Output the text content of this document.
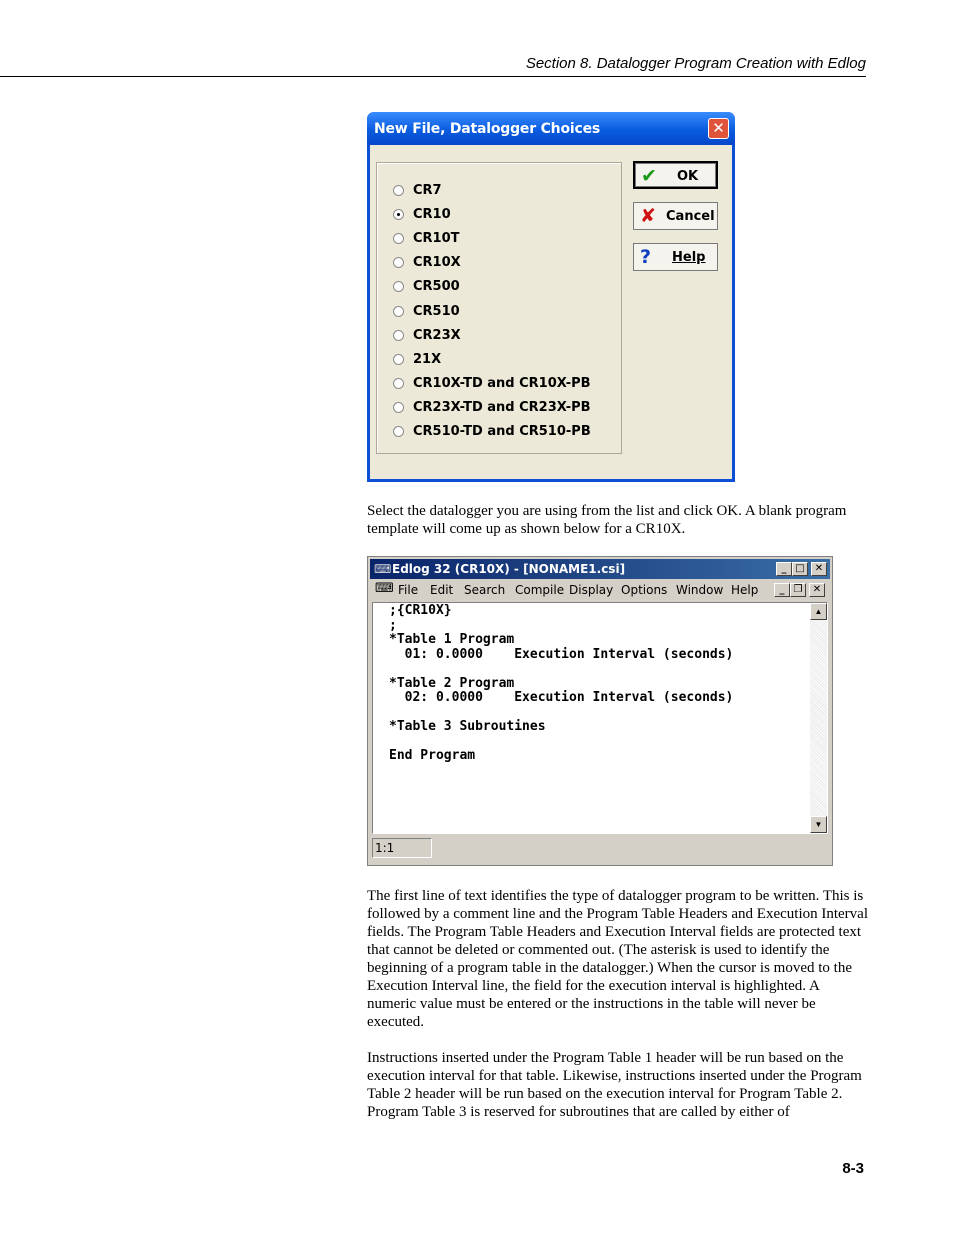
Section 8. Datalogger Program Creation with Edlog
New File, Datalogger Choices	✕
CR7
CR10
CR10T
CR10X
CR500
CR510
CR23X
21X
CR10X-TD and CR10X-PB
CR23X-TD and CR23X-PB
CR510-TD and CR510-PB
✔ OK
✘ Cancel
? Help

Select the datalogger you are using from the list and click OK. A blank program template will come up as shown below for a CR10X.

⌨ Edlog 32 (CR10X) - [NONAME1.csi]	_ □	✕
⌨ File Edit Search Compile Display Options Window Help	_ ❐	✕
;{CR10X}
;
*Table 1 Program
01: 0.0000    Execution Interval (seconds)

*Table 2 Program
02: 0.0000    Execution Interval (seconds)

*Table 3 Subroutines

End Program
▲
▼
1:1

The first line of text identifies the type of datalogger program to be written. This is followed by a comment line and the Program Table Headers and Execution Interval fields. The Program Table Headers and Execution Interval fields are protected text that cannot be deleted or commented out. (The asterisk is used to identify the beginning of a program table in the datalogger.) When the cursor is moved to the Execution Interval line, the field for the execution interval is highlighted. A numeric value must be entered or the instructions in the table will never be executed.

Instructions inserted under the Program Table 1 header will be run based on the execution interval for that table. Likewise, instructions inserted under the Program Table 2 header will be run based on the execution interval for Program Table 2. Program Table 3 is reserved for subroutines that are called by either of

8-3
